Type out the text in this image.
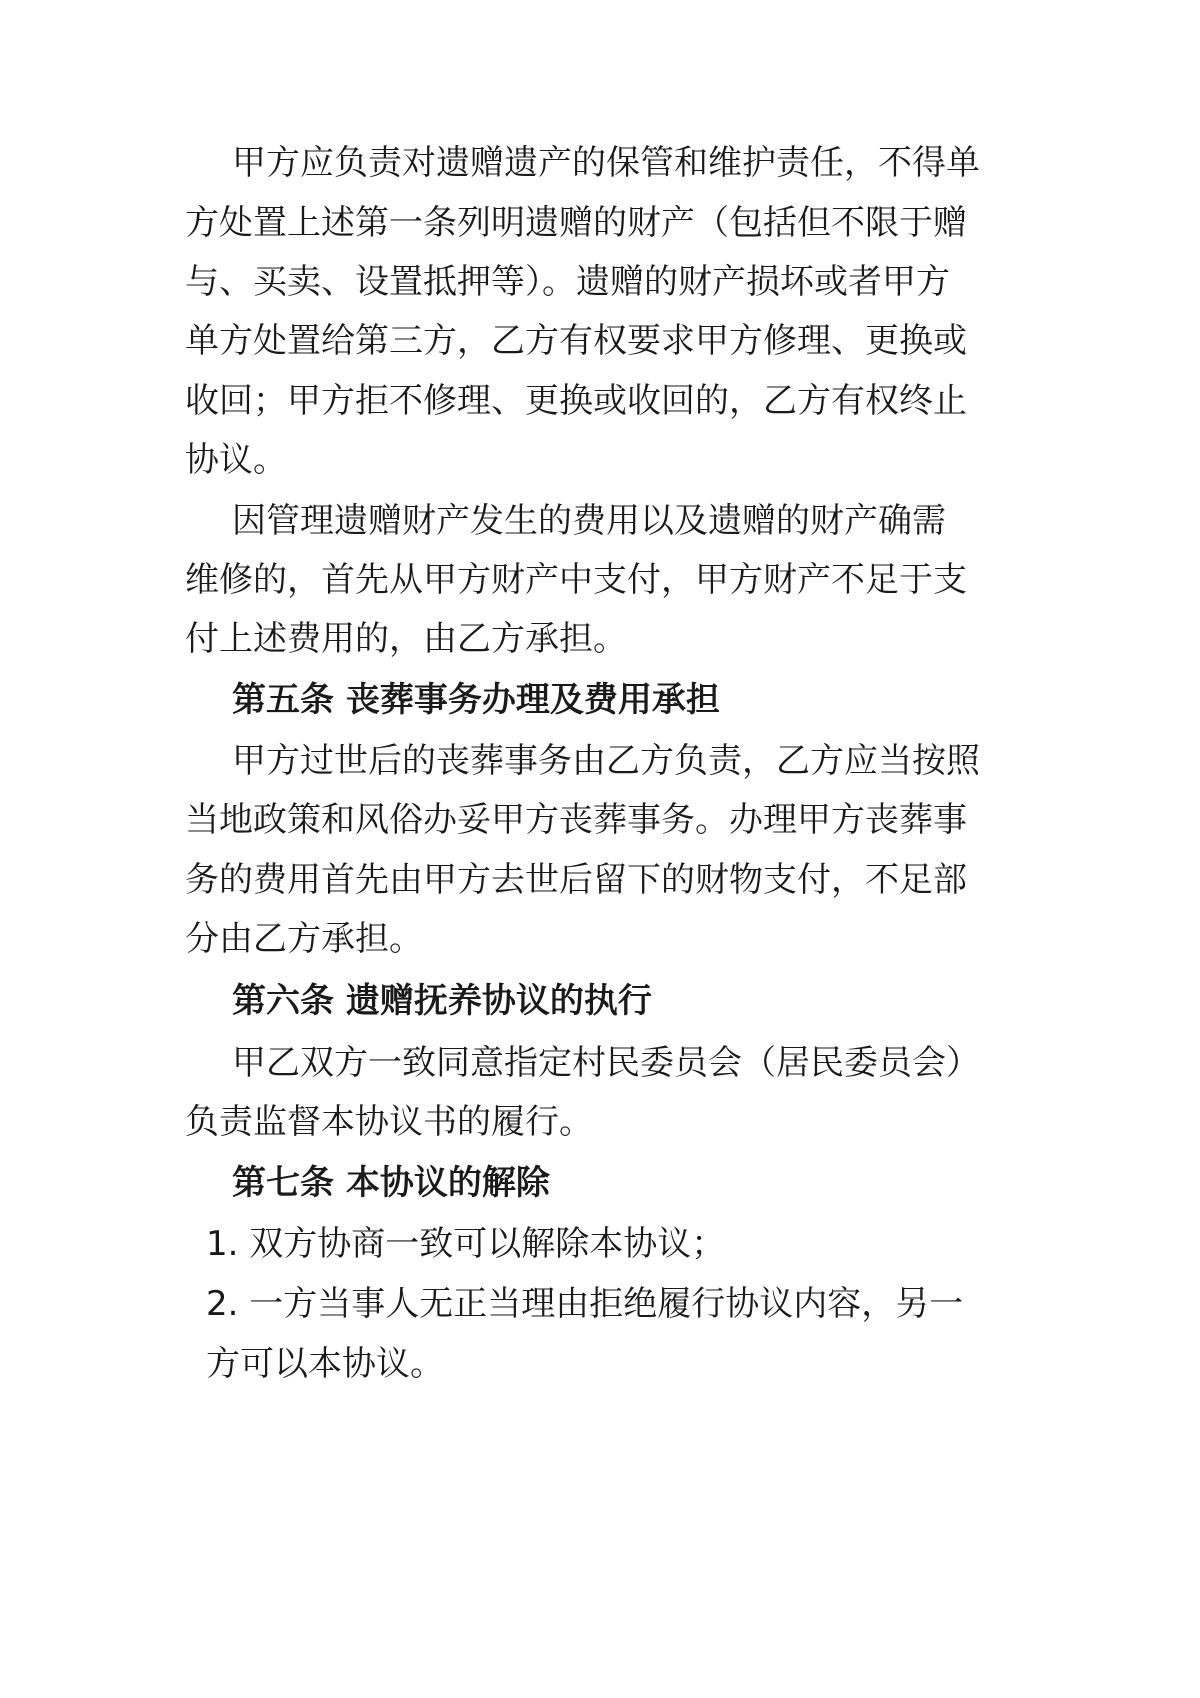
甲方应负责对遗赠遗产的保管和维护责任，不得单

方处置上述第一条列明遗赠的财产（包括但不限于赠

与、买卖、设置抵押等）。遗赠的财产损坏或者甲方

单方处置给第三方，乙方有权要求甲方修理、更换或

收回；甲方拒不修理、更换或收回的，乙方有权终止

协议。

因管理遗赠财产发生的费用以及遗赠的财产确需

维修的，首先从甲方财产中支付，甲方财产不足于支

付上述费用的，由乙方承担。

第五条 丧葬事务办理及费用承担

甲方过世后的丧葬事务由乙方负责，乙方应当按照

当地政策和风俗办妥甲方丧葬事务。办理甲方丧葬事

务的费用首先由甲方去世后留下的财物支付，不足部

分由乙方承担。

第六条 遗赠抚养协议的执行

甲乙双方一致同意指定村民委员会（居民委员会）

负责监督本协议书的履行。

第七条 本协议的解除

1. 双方协商一致可以解除本协议；

2. 一方当事人无正当理由拒绝履行协议内容，另一

方可以本协议。
